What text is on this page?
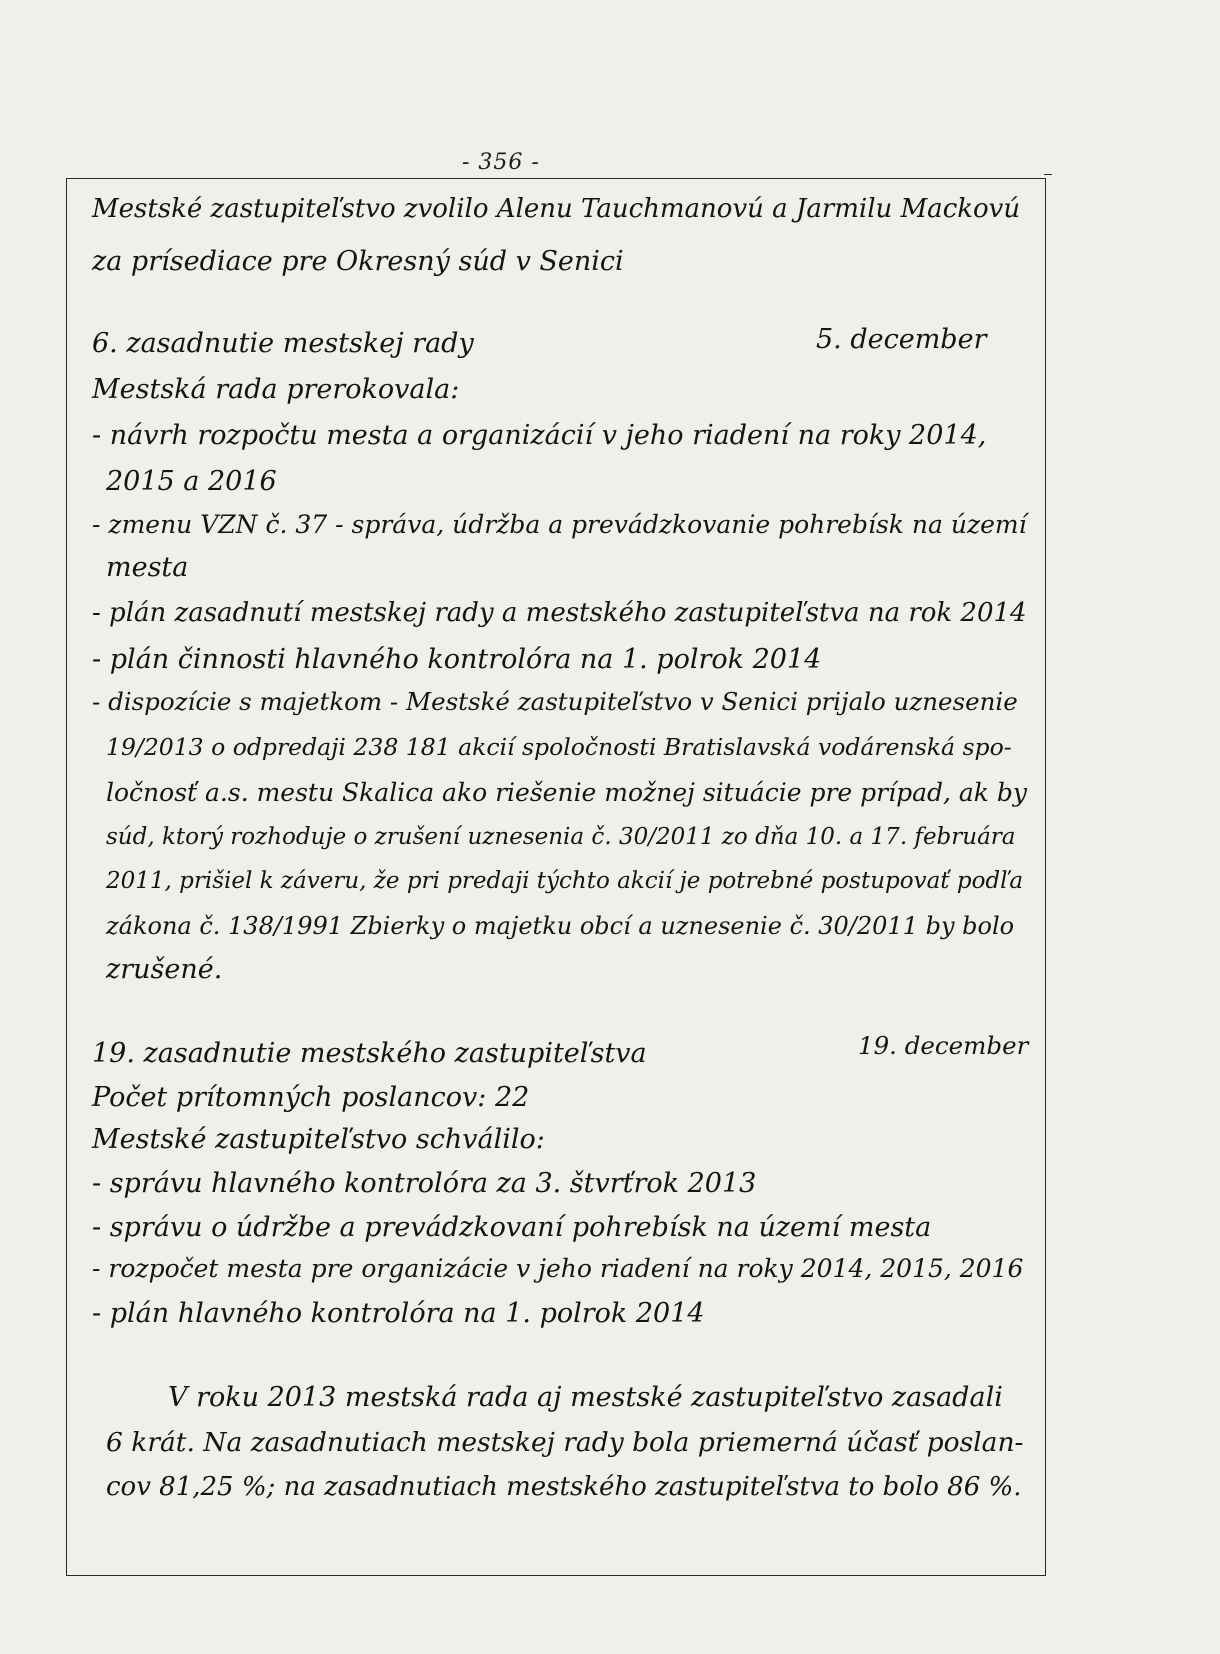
- 356 -
Mestské zastupiteľstvo zvolilo Alenu Tauchmanovú a Jarmilu Mackovú
za prísediace pre Okresný súd v Senici
6. zasadnutie mestskej rady	5. december
Mestská rada prerokovala:
- návrh rozpočtu mesta a organizácií v jeho riadení na roky 2014,
2015 a 2016
- zmenu VZN č. 37 - správa, údržba a prevádzkovanie pohrebísk na území
mesta
- plán zasadnutí mestskej rady a mestského zastupiteľstva na rok 2014
- plán činnosti hlavného kontrolóra na 1. polrok 2014
- dispozície s majetkom - Mestské zastupiteľstvo v Senici prijalo uznesenie
19/2013 o odpredaji 238 181 akcií spoločnosti Bratislavská vodárenská spo-
ločnosť a.s. mestu Skalica ako riešenie možnej situácie pre prípad, ak by
súd, ktorý rozhoduje o zrušení uznesenia č. 30/2011 zo dňa 10. a 17. februára
2011, prišiel k záveru, že pri predaji týchto akcií je potrebné postupovať podľa
zákona č. 138/1991 Zbierky o majetku obcí a uznesenie č. 30/2011 by bolo
zrušené.
19. zasadnutie mestského zastupiteľstva	19. december
Počet prítomných poslancov: 22
Mestské zastupiteľstvo schválilo:
- správu hlavného kontrolóra za 3. štvrťrok 2013
- správu o údržbe a prevádzkovaní pohrebísk na území mesta
- rozpočet mesta pre organizácie v jeho riadení na roky 2014, 2015, 2016
- plán hlavného kontrolóra na 1. polrok 2014
V roku 2013 mestská rada aj mestské zastupiteľstvo zasadali
6 krát. Na zasadnutiach mestskej rady bola priemerná účasť poslan-
cov 81,25 %; na zasadnutiach mestského zastupiteľstva to bolo 86 %.
